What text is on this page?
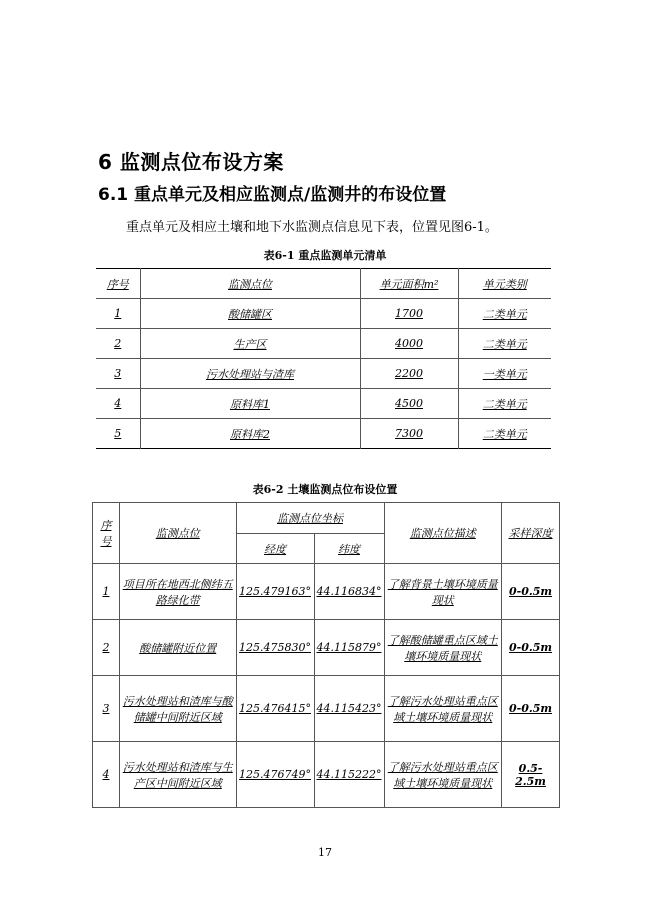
6 监测点位布设方案
6.1 重点单元及相应监测点/监测井的布设位置
重点单元及相应土壤和地下水监测点信息见下表，位置见图6-1。
表6-1 重点监测单元清单
序号	监测点位	单元面积m²	单元类别
1	酸储罐区	1700	二类单元
2	生产区	4000	二类单元
3	污水处理站与渣库	2200	一类单元
4	原料库1	4500	二类单元
5	原料库2	7300	二类单元
表6-2 土壤监测点位布设位置
序号	监测点位	监测点位坐标		监测点位描述	采样深度
		经度	纬度		
1	项目所在地西北侧纬五路绿化带	125.479163°	44.116834°	了解背景土壤环境质量现状	0-0.5m
2	酸储罐附近位置	125.475830°	44.115879°	了解酸储罐重点区域土壤环境质量现状	0-0.5m
3	污水处理站和渣库与酸储罐中间附近区域	125.476415°	44.115423°	了解污水处理站重点区域土壤环境质量现状	0-0.5m
4	污水处理站和渣库与生产区中间附近区域	125.476749°	44.115222°	了解污水处理站重点区域土壤环境质量现状	0.5-2.5m
17
